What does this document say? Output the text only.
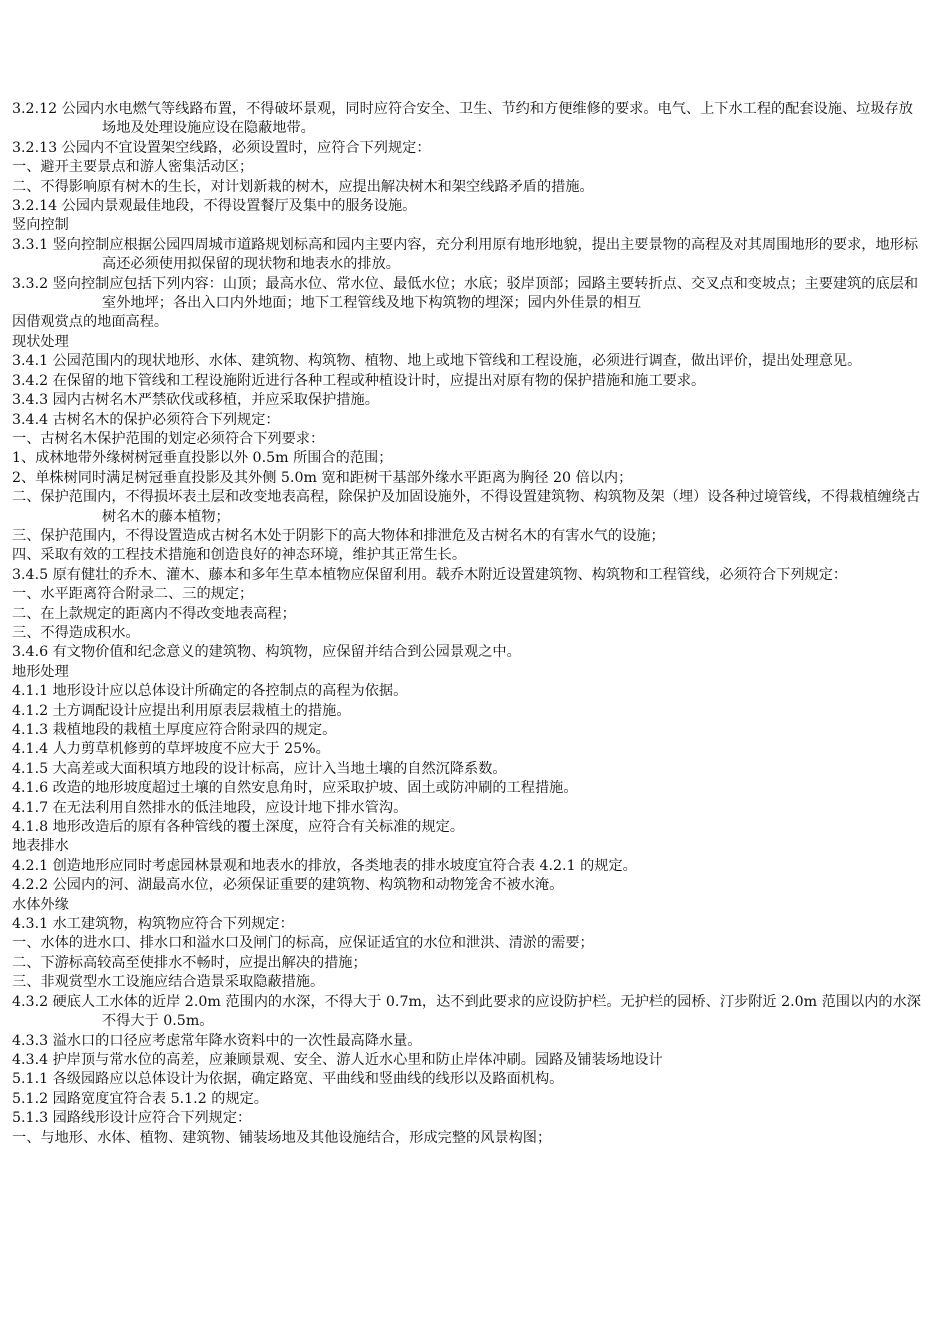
3.2.12 公园内水电燃气等线路布置，不得破坏景观，同时应符合安全、卫生、节约和方便维修的要求。电气、上下水工程的配套设施、垃圾存放场地及处理设施应设在隐蔽地带。

3.2.13 公园内不宜设置架空线路，必须设置时，应符合下列规定：

一、避开主要景点和游人密集活动区；

二、不得影响原有树木的生长，对计划新栽的树木，应提出解决树木和架空线路矛盾的措施。

3.2.14 公园内景观最佳地段，不得设置餐厅及集中的服务设施。

竖向控制

3.3.1 竖向控制应根据公园四周城市道路规划标高和园内主要内容，充分利用原有地形地貌，提出主要景物的高程及对其周围地形的要求，地形标高还必须使用拟保留的现状物和地表水的排放。

3.3.2 竖向控制应包括下列内容：山顶；最高水位、常水位、最低水位；水底；驳岸顶部；园路主要转折点、交叉点和变坡点；主要建筑的底层和室外地坪；各出入口内外地面；地下工程管线及地下构筑物的埋深；园内外佳景的相互

因借观赏点的地面高程。

现状处理

3.4.1 公园范围内的现状地形、水体、建筑物、构筑物、植物、地上或地下管线和工程设施，必须进行调查，做出评价，提出处理意见。

3.4.2 在保留的地下管线和工程设施附近进行各种工程或种植设计时，应提出对原有物的保护措施和施工要求。

3.4.3 园内古树名木严禁砍伐或移植，并应采取保护措施。

3.4.4 古树名木的保护必须符合下列规定：

一、古树名木保护范围的划定必须符合下列要求：

1、成林地带外缘树树冠垂直投影以外 0.5m 所围合的范围；

2、单株树同时满足树冠垂直投影及其外侧 5.0m 宽和距树干基部外缘水平距离为胸径 20 倍以内；

二、保护范围内，不得损坏表土层和改变地表高程，除保护及加固设施外，不得设置建筑物、构筑物及架（埋）设各种过境管线，不得栽植缠绕古树名木的藤本植物；

三、保护范围内，不得设置造成古树名木处于阴影下的高大物体和排泄危及古树名木的有害水气的设施；

四、采取有效的工程技术措施和创造良好的神态环境，维护其正常生长。

3.4.5 原有健壮的乔木、灌木、藤本和多年生草本植物应保留利用。载乔木附近设置建筑物、构筑物和工程管线，必须符合下列规定：

一、水平距离符合附录二、三的规定；

二、在上款规定的距离内不得改变地表高程；

三、不得造成积水。

3.4.6 有文物价值和纪念意义的建筑物、构筑物，应保留并结合到公园景观之中。

地形处理

4.1.1 地形设计应以总体设计所确定的各控制点的高程为依据。

4.1.2 土方调配设计应提出利用原表层栽植土的措施。

4.1.3 栽植地段的栽植土厚度应符合附录四的规定。

4.1.4 人力剪草机修剪的草坪坡度不应大于 25%。

4.1.5 大高差或大面积填方地段的设计标高，应计入当地土壤的自然沉降系数。

4.1.6 改造的地形坡度超过土壤的自然安息角时，应采取护坡、固土或防冲刷的工程措施。

4.1.7 在无法利用自然排水的低洼地段，应设计地下排水管沟。

4.1.8 地形改造后的原有各种管线的覆土深度，应符合有关标准的规定。

地表排水

4.2.1 创造地形应同时考虑园林景观和地表水的排放，各类地表的排水坡度宜符合表 4.2.1 的规定。

4.2.2 公园内的河、湖最高水位，必须保证重要的建筑物、构筑物和动物笼舍不被水淹。

水体外缘

4.3.1 水工建筑物，构筑物应符合下列规定：

一、水体的进水口、排水口和溢水口及闸门的标高，应保证适宜的水位和泄洪、清淤的需要；

二、下游标高较高至使排水不畅时，应提出解决的措施；

三、非观赏型水工设施应结合造景采取隐蔽措施。

4.3.2 硬底人工水体的近岸 2.0m 范围内的水深，不得大于 0.7m，达不到此要求的应设防护栏。无护栏的园桥、汀步附近 2.0m 范围以内的水深不得大于 0.5m。

4.3.3 溢水口的口径应考虑常年降水资料中的一次性最高降水量。

4.3.4 护岸顶与常水位的高差，应兼顾景观、安全、游人近水心里和防止岸体冲刷。园路及铺装场地设计

5.1.1 各级园路应以总体设计为依据，确定路宽、平曲线和竖曲线的线形以及路面机构。

5.1.2 园路宽度宜符合表 5.1.2 的规定。

5.1.3 园路线形设计应符合下列规定：

一、与地形、水体、植物、建筑物、铺装场地及其他设施结合，形成完整的风景构图；
